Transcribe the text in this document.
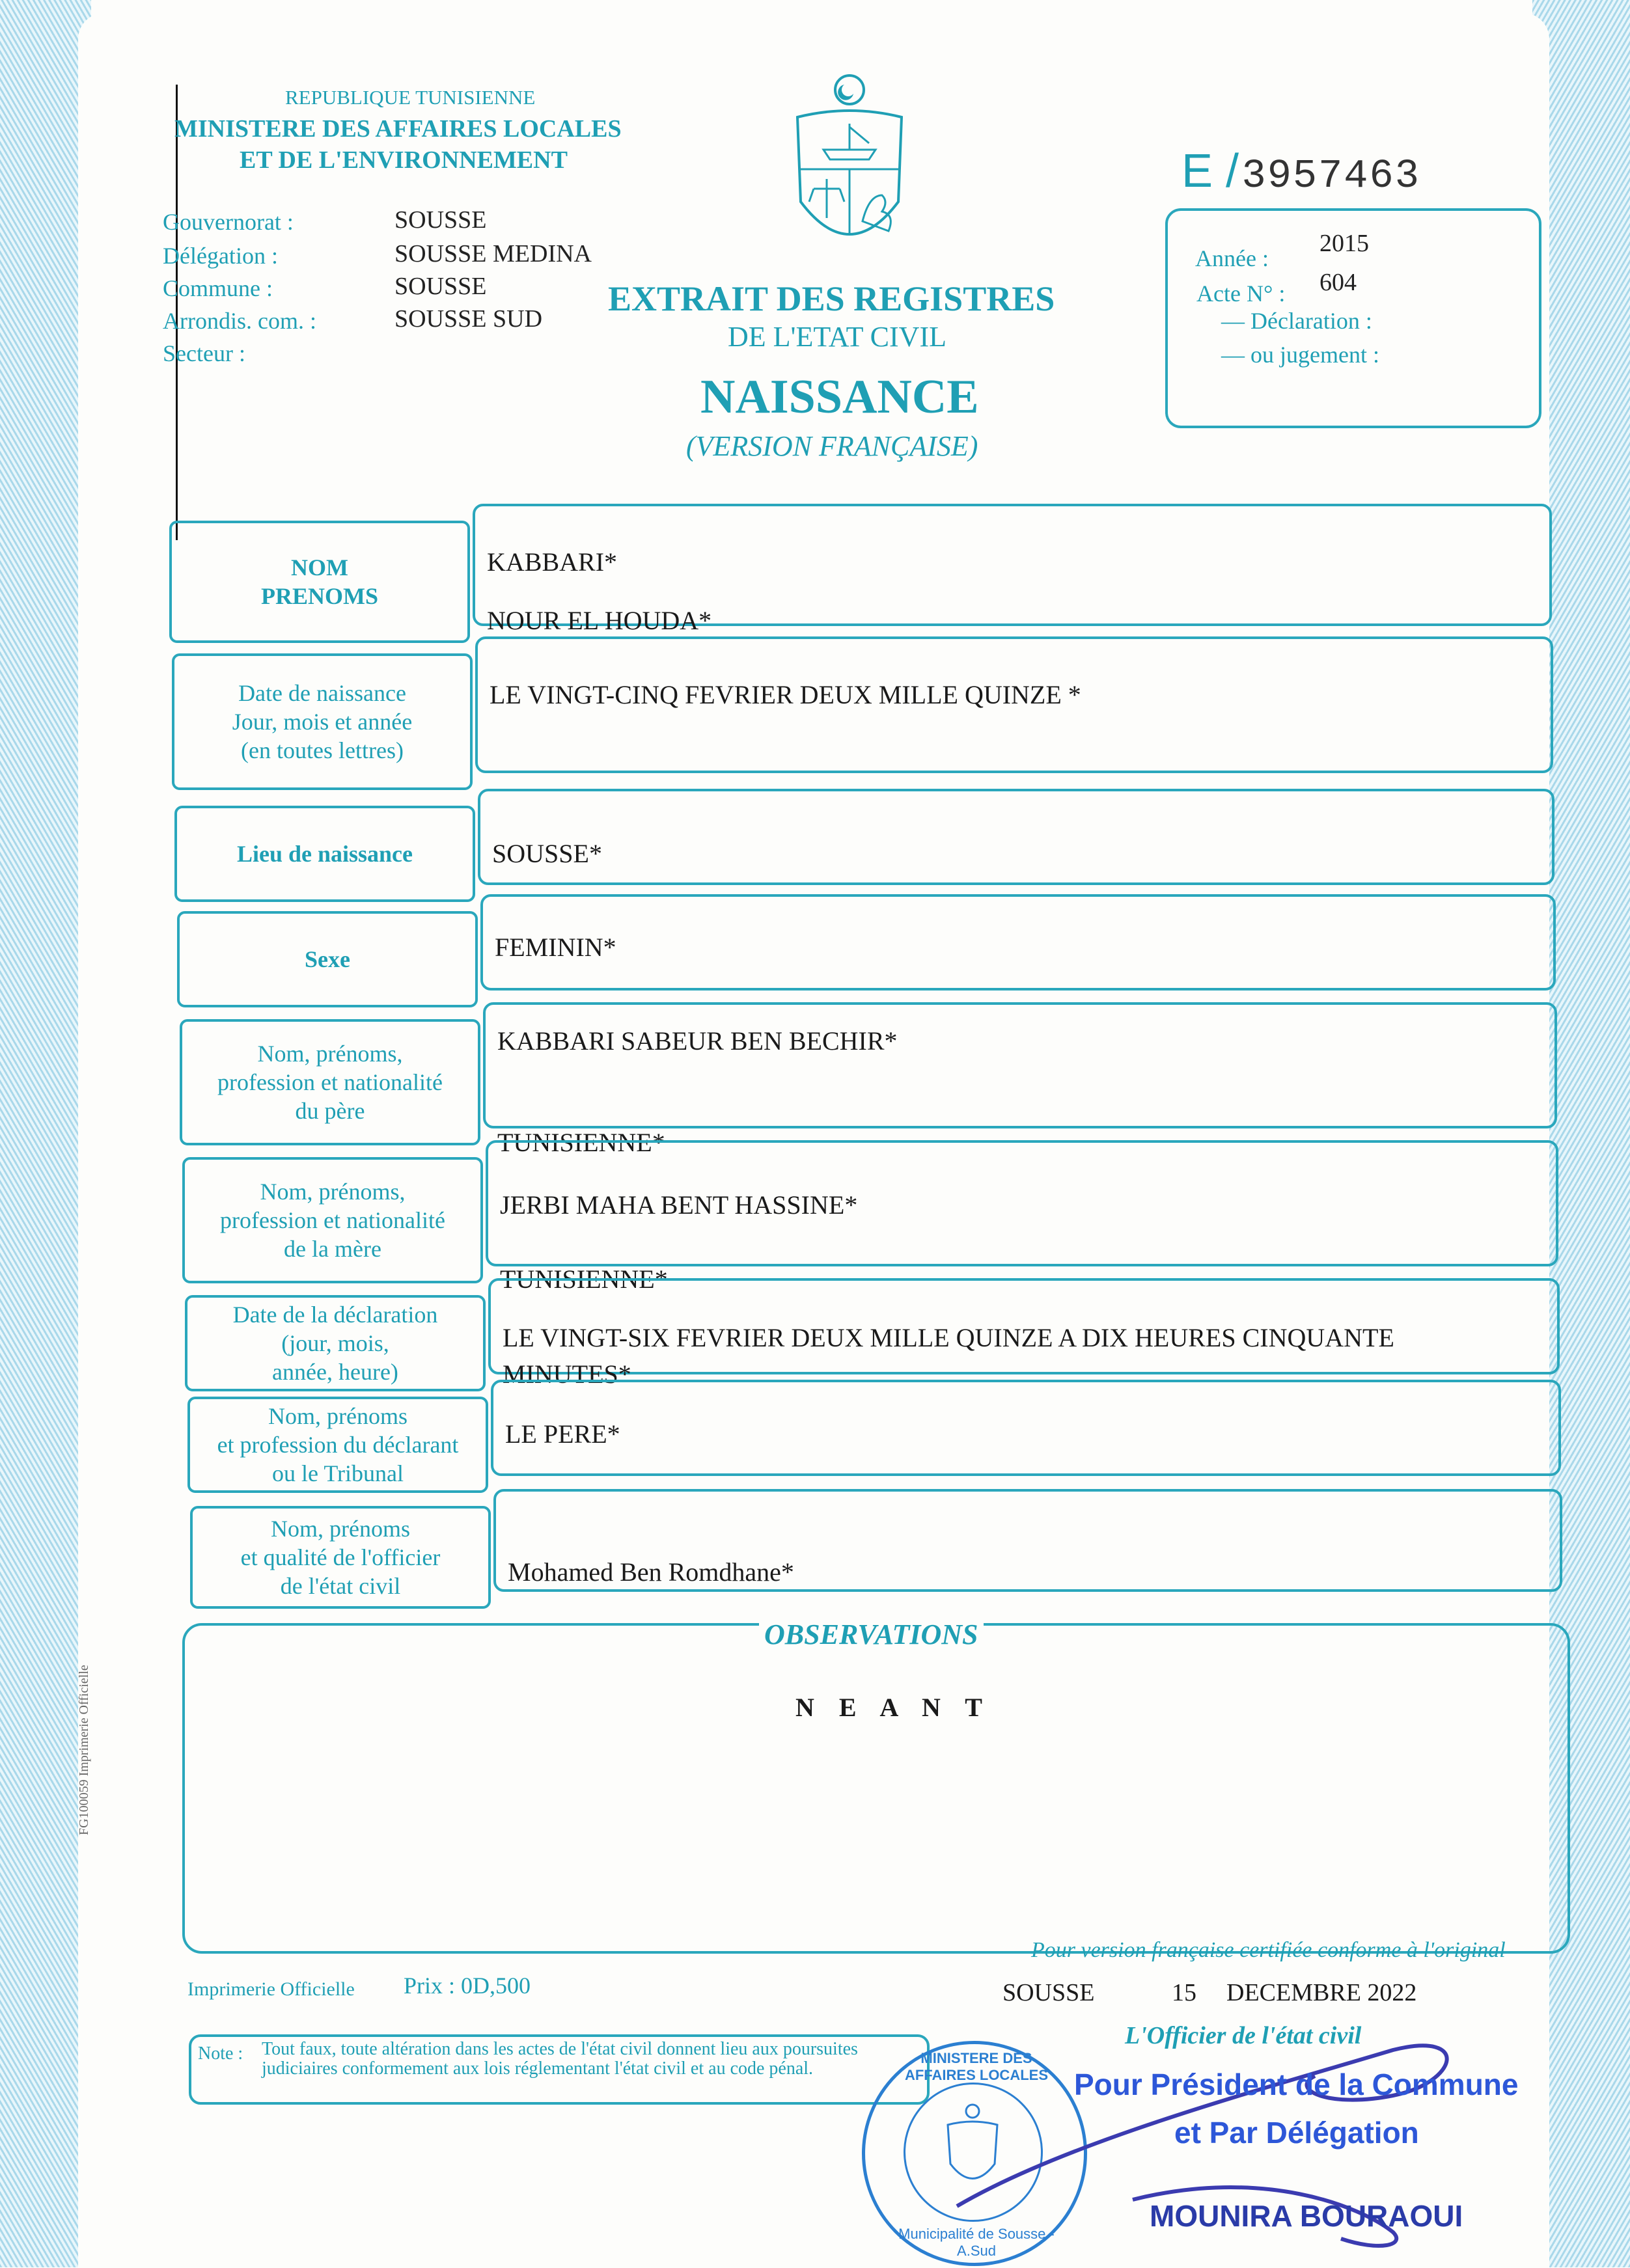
REPUBLIQUE TUNISIENNE
MINISTERE DES AFFAIRES LOCALES
ET DE L'ENVIRONNEMENT
Gouvernorat :	SOUSSE
Délégation :	SOUSSE MEDINA
Commune :	SOUSSE
Arrondis. com. :	SOUSSE SUD
Secteur :
E / 3957463
Année :
2015
Acte N° : 604
— Déclaration :
— ou jugement :
EXTRAIT DES REGISTRES
DE L'ETAT CIVIL
NAISSANCE
(VERSION FRANÇAISE)
NOM
PRENOMS
KABBARI*
NOUR EL HOUDA*
Date de naissance
Jour, mois et année
(en toutes lettres)
LE VINGT-CINQ FEVRIER DEUX MILLE QUINZE *
Lieu de naissance	SOUSSE*
Sexe	FEMININ*
Nom, prénoms,
profession et nationalité
du père
KABBARI SABEUR BEN BECHIR*
TUNISIENNE*
Nom, prénoms,
profession et nationalité
de la mère
JERBI MAHA BENT HASSINE*
TUNISIENNE*
Date de la déclaration
(jour, mois,
année, heure)
LE VINGT-SIX FEVRIER DEUX MILLE QUINZE A DIX HEURES CINQUANTE
MINUTES*
Nom, prénoms
et profession du déclarant
ou le Tribunal
LE PERE*
Nom, prénoms
et qualité de l'officier
de l'état civil	Mohamed Ben Romdhane*
OBSERVATIONS
N E A N T
FG100059 Imprimerie Officielle
Imprimerie Officielle Prix : 0D,500
Pour version française certifiée conforme à l'original
SOUSSE	15 DECEMBRE 2022
L'Officier de l'état civil
Note : Tout faux, toute altération dans les actes de l'état civil donnent lieu aux poursuites judiciaires conformement aux lois réglementant l'état civil et au code pénal.
MINISTERE DES AFFAIRES LOCALES
Municipalité de Sousse - A.Sud
Pour Président de la Commune
et Par Délégation
MOUNIRA BOURAOUI
